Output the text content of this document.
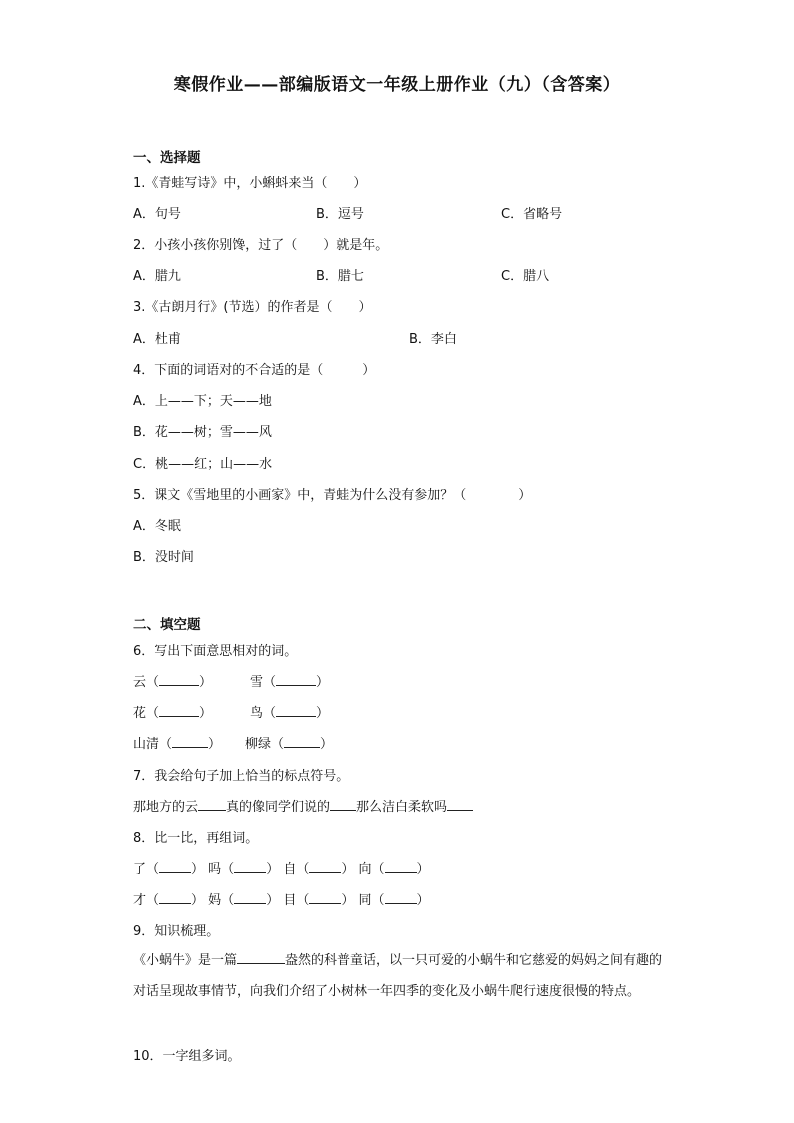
寒假作业——部编版语文一年级上册作业（九）（含答案）
一、选择题
1.《青蛙写诗》中，小蝌蚪来当（　　）
A．句号	B．逗号	C．省略号
2．小孩小孩你别馋，过了（　　）就是年。
A．腊九	B．腊七	C．腊八
3.《古朗月行》(节选）的作者是（　　）
A．杜甫	B．李白
4．下面的词语对的不合适的是（　　　）
A．上——下；天——地
B．花——树；雪——风
C．桃——红；山——水
5．课文《雪地里的小画家》中，青蛙为什么没有参加？（　　　　）
A．冬眠
B．没时间
二、填空题
6．写出下面意思相对的词。
云（	）	雪（	）
花（	）	鸟（	）
山清（	） 柳绿（	）
7．我会给句子加上恰当的标点符号。
那地方的云 真的像同学们说的 那么洁白柔软吗
8．比一比，再组词。
了（ ） 吗（ ） 自（ ） 向（ ）
才（ ） 妈（ ） 目（ ） 同（ ）
9．知识梳理。
《小蜗牛》是一篇	盎然的科普童话，以一只可爱的小蜗牛和它慈爱的妈妈之间有趣的对话呈现故事情节，向我们介绍了小树林一年四季的变化及小蜗牛爬行速度很慢的特点。
10．一字组多词。
